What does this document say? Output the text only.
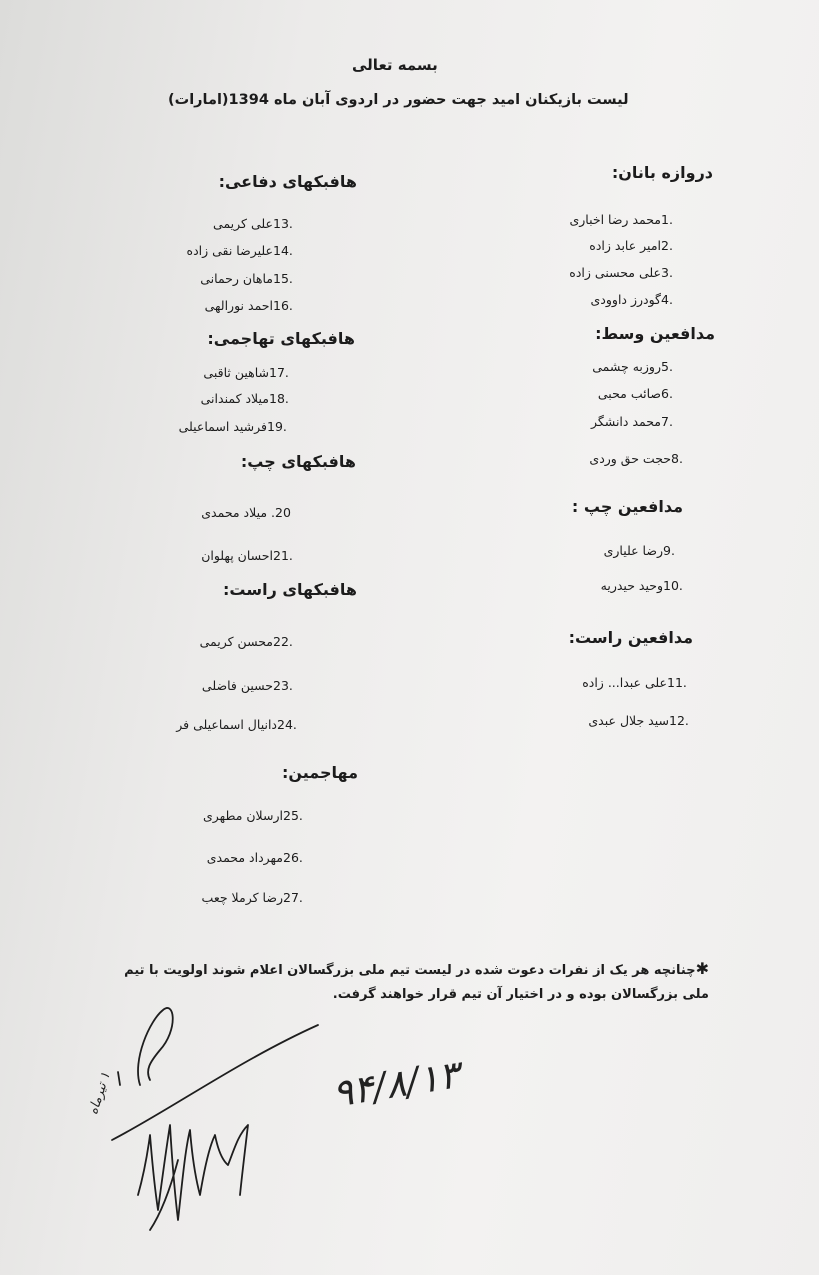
بسمه تعالی
لیست بازیکنان امید جهت حضور در اردوی آبان ماه 1394(امارات)
دروازه بانان:
مدافعین وسط:
مدافعین چپ :
مدافعین راست:
هافبکهای دفاعی:
هافبکهای تهاجمی:
هافبکهای چپ:
هافبکهای راست:
مهاجمین:
1.
محمد رضا اخباری
2.
امیر عابد زاده
3.
علی محسنی زاده
4.
گودرز داوودی
5.
روزبه چشمی
6.
صائب محبی
7.
محمد دانشگر
8.
حجت حق وردی
9.
رضا علیاری
10.
وحید حیدریه
11.
علی عبدا... زاده
12.
سید جلال عبدی
13.
علی کریمی
14.
علیرضا نقی زاده
15.
ماهان رحمانی
16.
احمد نورالهی
17.
شاهین ثاقبی
18.
میلاد کمندانی
19.
فرشید اسماعیلی
20
. میلاد محمدی
21.
احسان پهلوان
22.
محسن کریمی
23.
حسین فاضلی
24.
دانیال اسماعیلی فر
25.
ارسلان مطهری
26.
مهرداد محمدی
27.
رضا کرملا چعب
✱چنانچه هر یک از نفرات دعوت شده در لیست تیم ملی بزرگسالان اعلام شوند اولویت با تیم ملی بزرگسالان بوده و در اختیار آن تیم قرار خواهند گرفت.
۹۴/۸/۱۳
۱ تیرماه
